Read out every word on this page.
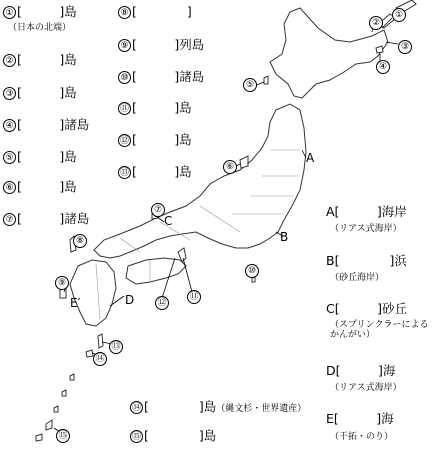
① [　　　]島
（日本の北端）
② [　　　]島
③ [　　　]島
④ [　　　]諸島
⑤ [　　　]島
⑥ [　　　]島
⑦ [　　　]諸島
⑧ [　　　　]
⑨ [　　　]列島
⑩ [　　　]諸島
⑪ [　　　]島
⑫ [　　　]島
⑬ [　　　]島
⑭ [　　　　]島（縄文杉・世界遺産）
⑮ [　　　　]島
A[　　　]海岸
（リアス式海岸）
B[　　　　]浜
（砂丘海岸）
C[　　　]砂丘
（スプリンクラーによる
かんがい）
D[　　　]海
（リアス式海岸）
E[　　　]海
（干拓・のり）
A
B
C
D
E
①
②
③
④
⑤
⑥
⑦
⑧
⑨
⑩
⑪
⑫
⑬
⑭
⑮
